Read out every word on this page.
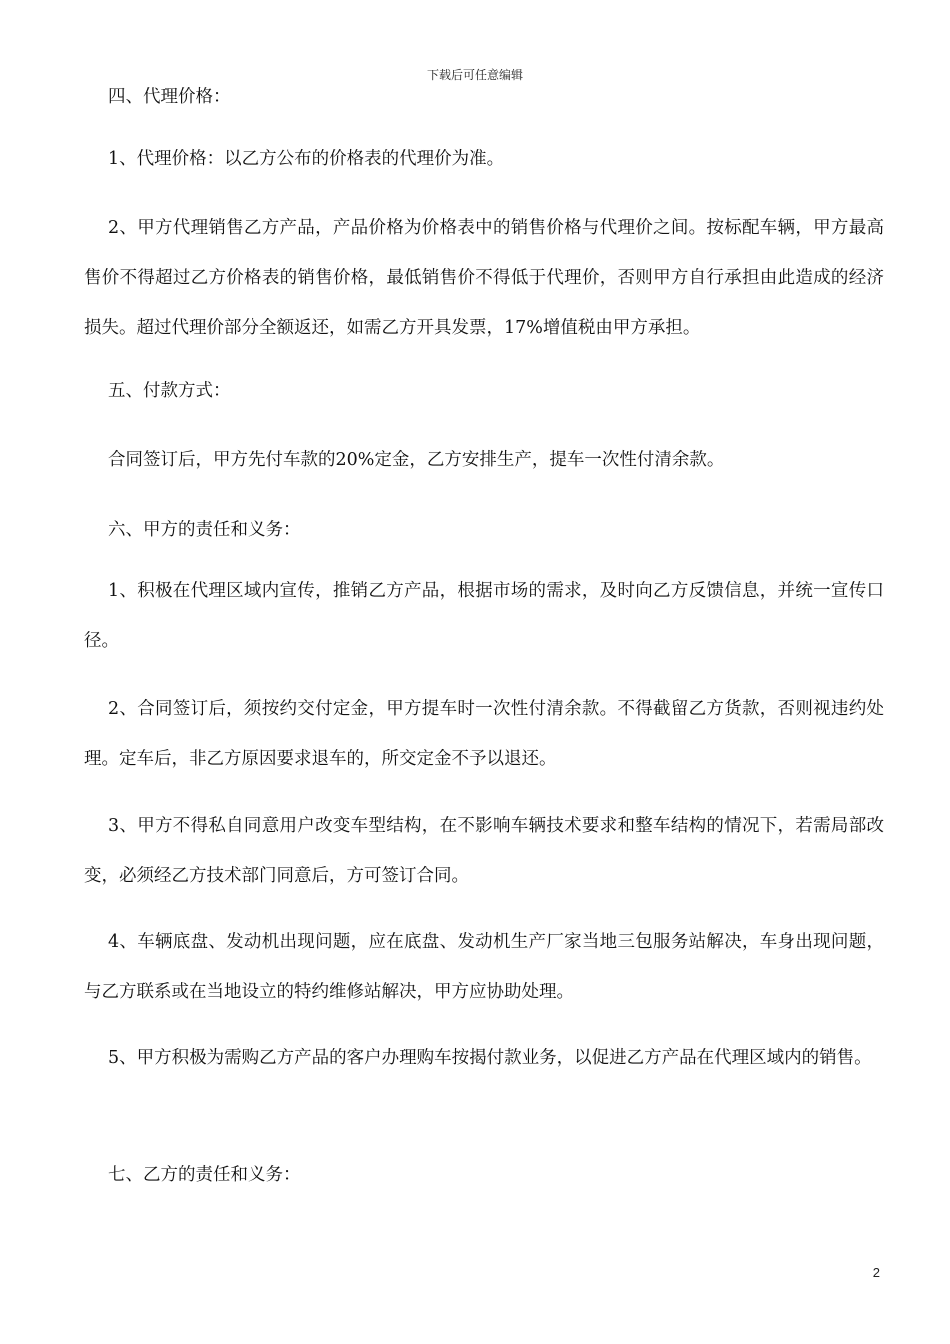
下载后可任意编辑

四、代理价格：

1、代理价格：以乙方公布的价格表的代理价为准。

2、甲方代理销售乙方产品，产品价格为价格表中的销售价格与代理价之间。按标配车辆，甲方最高售价不得超过乙方价格表的销售价格，最低销售价不得低于代理价，否则甲方自行承担由此造成的经济损失。超过代理价部分全额返还，如需乙方开具发票，17%增值税由甲方承担。

五、付款方式：

合同签订后，甲方先付车款的20%定金，乙方安排生产，提车一次性付清余款。

六、甲方的责任和义务：

1、积极在代理区域内宣传，推销乙方产品，根据市场的需求，及时向乙方反馈信息，并统一宣传口径。

2、合同签订后，须按约交付定金，甲方提车时一次性付清余款。不得截留乙方货款，否则视违约处理。定车后，非乙方原因要求退车的，所交定金不予以退还。

3、甲方不得私自同意用户改变车型结构，在不影响车辆技术要求和整车结构的情况下，若需局部改变，必须经乙方技术部门同意后，方可签订合同。

4、车辆底盘、发动机出现问题，应在底盘、发动机生产厂家当地三包服务站解决，车身出现问题，与乙方联系或在当地设立的特约维修站解决，甲方应协助处理。

5、甲方积极为需购乙方产品的客户办理购车按揭付款业务，以促进乙方产品在代理区域内的销售。

七、乙方的责任和义务：

2
